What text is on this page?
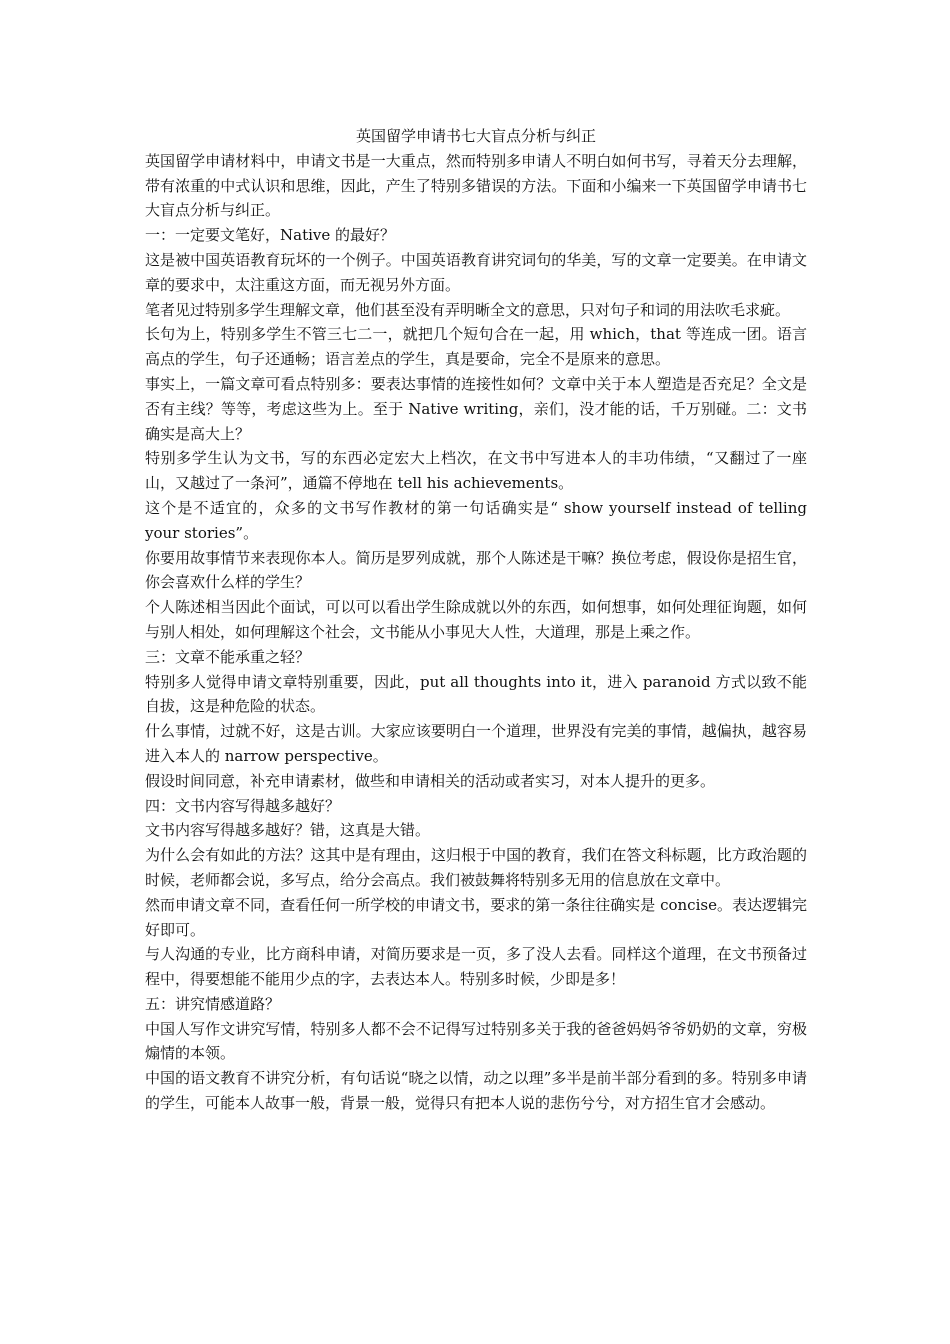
英国留学申请书七大盲点分析与纠正

英国留学申请材料中，申请文书是一大重点，然而特别多申请人不明白如何书写，寻着天分去理解，带有浓重的中式认识和思维，因此，产生了特别多错误的方法。下面和小编来一下英国留学申请书七大盲点分析与纠正。

一：一定要文笔好，Native 的最好？

这是被中国英语教育玩坏的一个例子。中国英语教育讲究词句的华美，写的文章一定要美。在申请文章的要求中，太注重这方面，而无视另外方面。

笔者见过特别多学生理解文章，他们甚至没有弄明晰全文的意思，只对句子和词的用法吹毛求疵。

长句为上，特别多学生不管三七二一，就把几个短句合在一起，用 which，that 等连成一团。语言高点的学生，句子还通畅；语言差点的学生，真是要命，完全不是原来的意思。

事实上，一篇文章可看点特别多：要表达事情的连接性如何？文章中关于本人塑造是否充足？全文是否有主线？等等，考虑这些为上。至于 Native writing，亲们，没才能的话，千万别碰。二：文书确实是高大上？

特别多学生认为文书，写的东西必定宏大上档次，在文书中写进本人的丰功伟绩，“又翻过了一座山，又越过了一条河”，通篇不停地在 tell his achievements。

这个是不适宜的，众多的文书写作教材的第一句话确实是“ show yourself instead of telling your stories”。

你要用故事情节来表现你本人。简历是罗列成就，那个人陈述是干嘛？换位考虑，假设你是招生官，你会喜欢什么样的学生？

个人陈述相当因此个面试，可以可以看出学生除成就以外的东西，如何想事，如何处理征询题，如何与别人相处，如何理解这个社会，文书能从小事见大人性，大道理，那是上乘之作。

三：文章不能承重之轻？

特别多人觉得申请文章特别重要，因此，put all thoughts into it，进入 paranoid 方式以致不能自拔，这是种危险的状态。

什么事情，过就不好，这是古训。大家应该要明白一个道理，世界没有完美的事情，越偏执，越容易进入本人的 narrow perspective。

假设时间同意，补充申请素材，做些和申请相关的活动或者实习，对本人提升的更多。

四：文书内容写得越多越好？

文书内容写得越多越好？错，这真是大错。

为什么会有如此的方法？这其中是有理由，这归根于中国的教育，我们在答文科标题，比方政治题的时候，老师都会说，多写点，给分会高点。我们被鼓舞将特别多无用的信息放在文章中。

然而申请文章不同，查看任何一所学校的申请文书，要求的第一条往往确实是 concise。表达逻辑完好即可。

与人沟通的专业，比方商科申请，对简历要求是一页，多了没人去看。同样这个道理，在文书预备过程中，得要想能不能用少点的字，去表达本人。特别多时候，少即是多！

五：讲究情感道路？

中国人写作文讲究写情，特别多人都不会不记得写过特别多关于我的爸爸妈妈爷爷奶奶的文章，穷极煽情的本领。

中国的语文教育不讲究分析，有句话说“晓之以情，动之以理”多半是前半部分看到的多。特别多申请的学生，可能本人故事一般，背景一般，觉得只有把本人说的悲伤兮兮，对方招生官才会感动。
